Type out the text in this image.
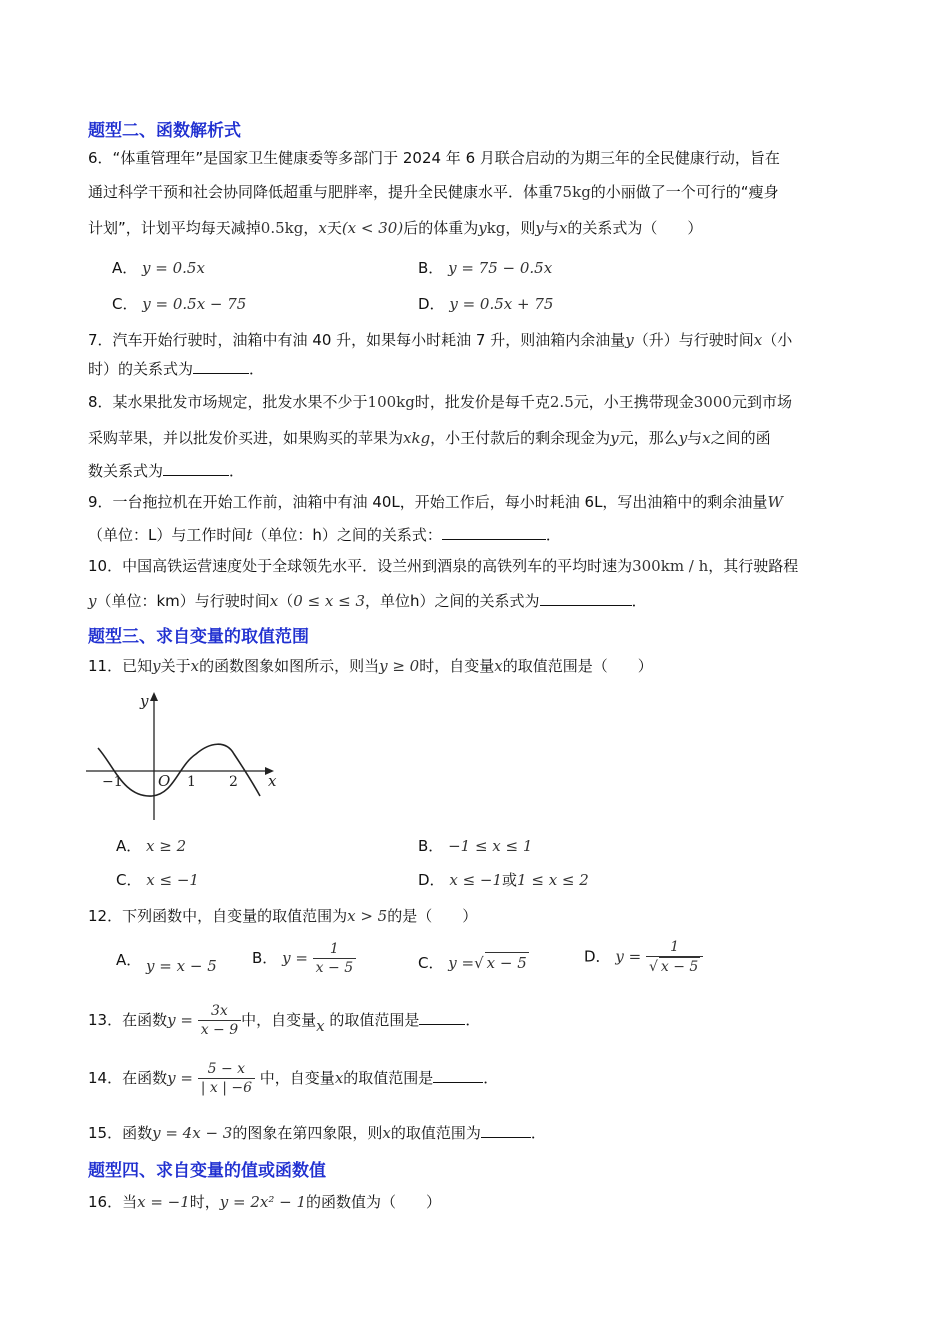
题型二、函数解析式
6．“体重管理年”是国家卫生健康委等多部门于 2024 年 6 月联合启动的为期三年的全民健康行动，旨在
通过科学干预和社会协同降低超重与肥胖率，提升全民健康水平．体重75kg的小丽做了一个可行的“瘦身
计划”，计划平均每天减掉0.5kg，x天(x < 30)后的体重为ykg，则y与x的关系式为（　　）
A． y = 0.5x	B． y = 75 − 0.5x
C． y = 0.5x − 75	D． y = 0.5x + 75
7．汽车开始行驶时，油箱中有油 40 升，如果每小时耗油 7 升，则油箱内余油量y（升）与行驶时间x（小
时）的关系式为	．
8．某水果批发市场规定，批发水果不少于100kg时，批发价是每千克2.5元，小王携带现金3000元到市场
采购苹果，并以批发价买进，如果购买的苹果为xkg，小王付款后的剩余现金为y元，那么y与x之间的函
数关系式为	．
9．一台拖拉机在开始工作前，油箱中有油 40L，开始工作后，每小时耗油 6L，写出油箱中的剩余油量W
（单位：L）与工作时间t（单位：h）之间的关系式：	．
10．中国高铁运营速度处于全球领先水平．设兰州到酒泉的高铁列车的平均时速为300km / h，其行驶路程
y（单位：km）与行驶时间x（0 ≤ x ≤ 3，单位h）之间的关系式为	．
题型三、求自变量的取值范围
11．已知y关于x的函数图象如图所示，则当y ≥ 0时，自变量x的取值范围是（　　）
y
x
O
−1	1 2
A． x ≥ 2	B． −1 ≤ x ≤ 1
C． x ≤ −1	D． x ≤ −1或1 ≤ x ≤ 2
12．下列函数中，自变量的取值范围为x > 5的是（　　）
A． y = x − 5 B． $y = \frac{1}{x - 5}$	C． y =√ x − 5	D． $y = \frac{1}{√ x - 5}$
13．在函数$y = \frac{3x}{x - 9}$ 中，自变量x 的取值范围是	．
14．在函数$y = \frac{5 - x}{| x | -6}$ 中，自变量x的取值范围是	．
15．函数y = 4x − 3的图象在第四象限，则x的取值范围为	．
题型四、求自变量的值或函数值
16．当x = −1时，y = 2x² − 1的函数值为（　　）
